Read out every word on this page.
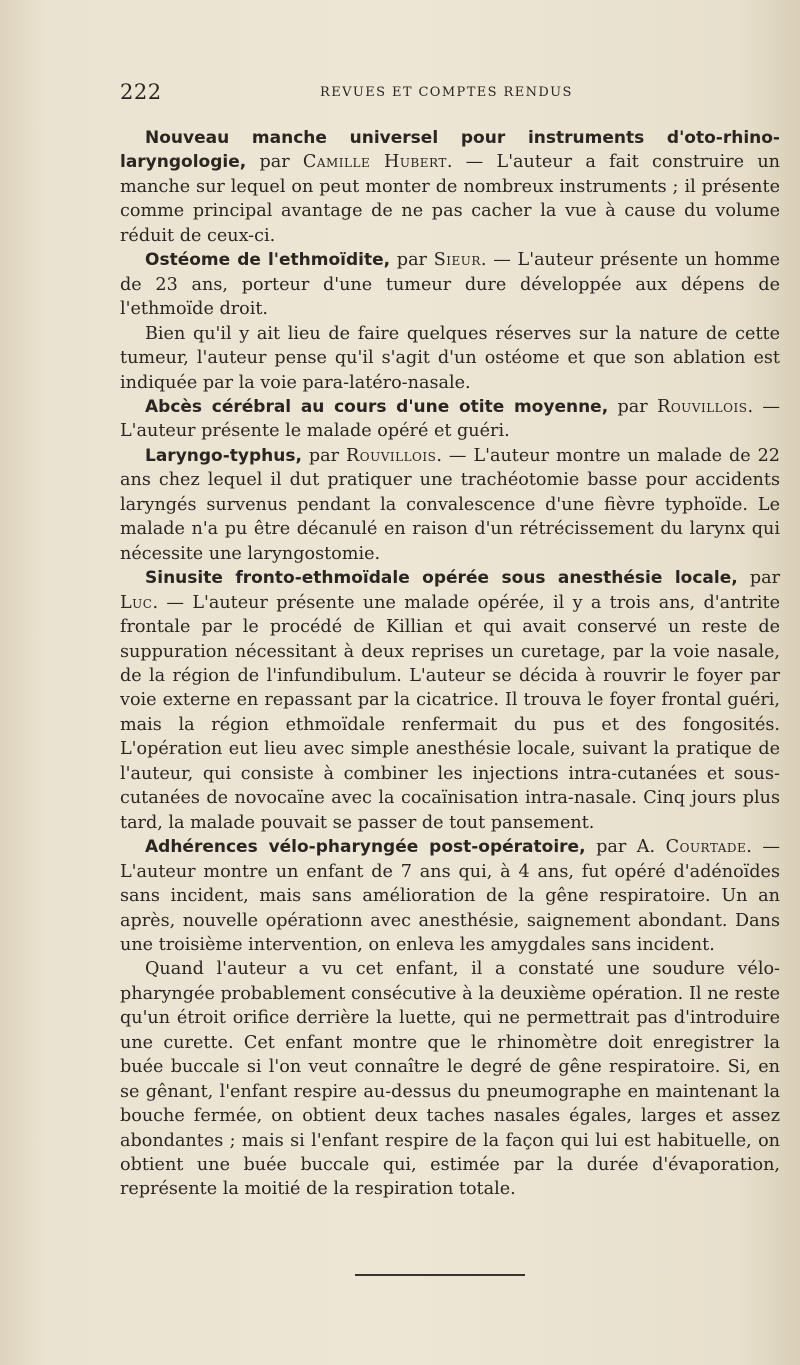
222	REVUES ET COMPTES RENDUS

Nouveau manche universel pour instruments d'oto-rhino-laryngologie, par Camille Hubert. — L'auteur a fait construire un manche sur lequel on peut monter de nombreux instruments ; il présente comme principal avantage de ne pas cacher la vue à cause du volume réduit de ceux-ci.

Ostéome de l'ethmoïdite, par Sieur. — L'auteur présente un homme de 23 ans, porteur d'une tumeur dure développée aux dépens de l'ethmoïde droit.

Bien qu'il y ait lieu de faire quelques réserves sur la nature de cette tumeur, l'auteur pense qu'il s'agit d'un ostéome et que son ablation est indiquée par la voie para-latéro-nasale.

Abcès cérébral au cours d'une otite moyenne, par Rouvillois. — L'auteur présente le malade opéré et guéri.

Laryngo-typhus, par Rouvillois. — L'auteur montre un malade de 22 ans chez lequel il dut pratiquer une trachéotomie basse pour accidents laryngés survenus pendant la convalescence d'une fièvre typhoïde. Le malade n'a pu être décanulé en raison d'un rétrécissement du larynx qui nécessite une laryngostomie.

Sinusite fronto-ethmoïdale opérée sous anesthésie locale, par Luc. — L'auteur présente une malade opérée, il y a trois ans, d'antrite frontale par le procédé de Killian et qui avait conservé un reste de suppuration nécessitant à deux reprises un curetage, par la voie nasale, de la région de l'infundibulum. L'auteur se décida à rouvrir le foyer par voie externe en repassant par la cicatrice. Il trouva le foyer frontal guéri, mais la région ethmoïdale renfermait du pus et des fongosités. L'opération eut lieu avec simple anesthésie locale, suivant la pratique de l'auteur, qui consiste à combiner les injections intra-cutanées et sous-cutanées de novocaïne avec la cocaïnisation intra-nasale. Cinq jours plus tard, la malade pouvait se passer de tout pansement.

Adhérences vélo-pharyngée post-opératoire, par A. Courtade. — L'auteur montre un enfant de 7 ans qui, à 4 ans, fut opéré d'adénoïdes sans incident, mais sans amélioration de la gêne respiratoire. Un an après, nouvelle opérationn avec anesthésie, saignement abondant. Dans une troisième intervention, on enleva les amygdales sans incident.

Quand l'auteur a vu cet enfant, il a constaté une soudure vélo-pharyngée probablement consécutive à la deuxième opération. Il ne reste qu'un étroit orifice derrière la luette, qui ne permettrait pas d'introduire une curette. Cet enfant montre que le rhinomètre doit enregistrer la buée buccale si l'on veut connaître le degré de gêne respiratoire. Si, en se gênant, l'enfant respire au-dessus du pneumographe en maintenant la bouche fermée, on obtient deux taches nasales égales, larges et assez abondantes ; mais si l'enfant respire de la façon qui lui est habituelle, on obtient une buée buccale qui, estimée par la durée d'évaporation, représente la moitié de la respiration totale.
